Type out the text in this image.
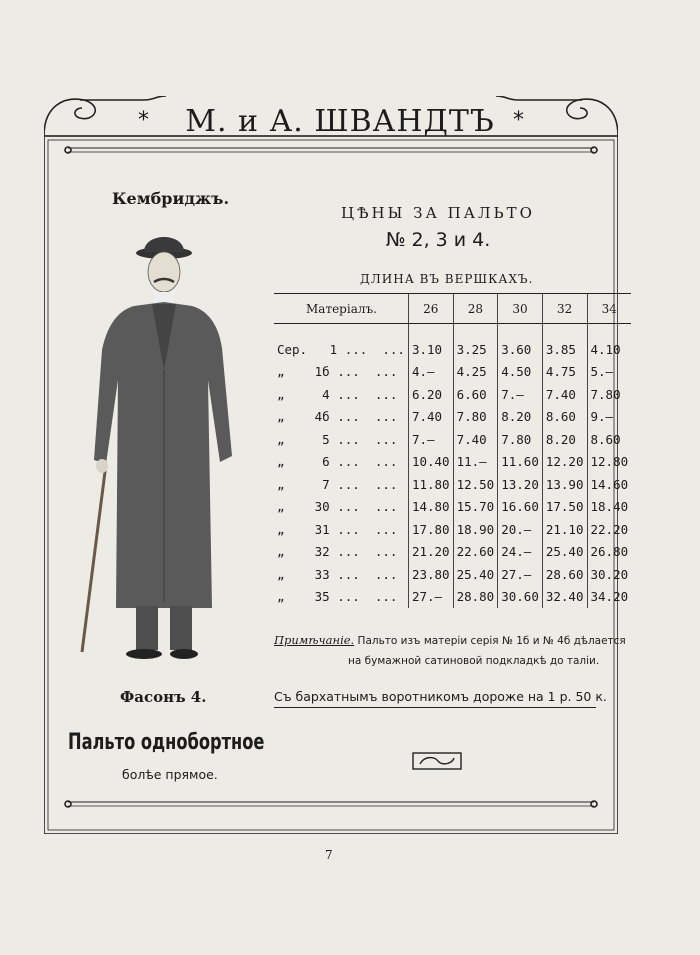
* М. и А. ШВАНДТЪ *
Кембриджъ.
ЦѢНЫ ЗА ПАЛЬТО
№ 2, 3 и 4.
ДЛИНА ВЪ ВЕРШКАХЪ.
Матеріалъ.	26	28	30	32	34

Сер.   1 ...  ...	3.10	3.25	3.60	3.85	4.10
„    1б ...  ...	4.—	4.25	4.50	4.75	5.—
„     4 ...  ...	6.20	6.60	7.—	7.40	7.80
„    4б ...  ...	7.40	7.80	8.20	8.60	9.—
„     5 ...  ...	7.—	7.40	7.80	8.20	8.60
„     6 ...  ...	10.40	11.—	11.60	12.20	12.80
„     7 ...  ...	11.80	12.50	13.20	13.90	14.60
„    30 ...  ...	14.80	15.70	16.60	17.50	18.40
„    31 ...  ...	17.80	18.90	20.—	21.10	22.20
„    32 ...  ...	21.20	22.60	24.—	25.40	26.80
„    33 ...  ...	23.80	25.40	27.—	28.60	30.20
„    35 ...  ...	27.—	28.80	30.60	32.40	34.20
Примѣчаніе. Пальто изъ матеріи серія № 1б и № 4б дѣлается
на бумажной сатиновой подкладкѣ до таліи.
Съ бархатнымъ воротникомъ дороже на 1 р. 50 к.
Фасонъ 4.
Пальто однобортное
болѣе прямое.
7
